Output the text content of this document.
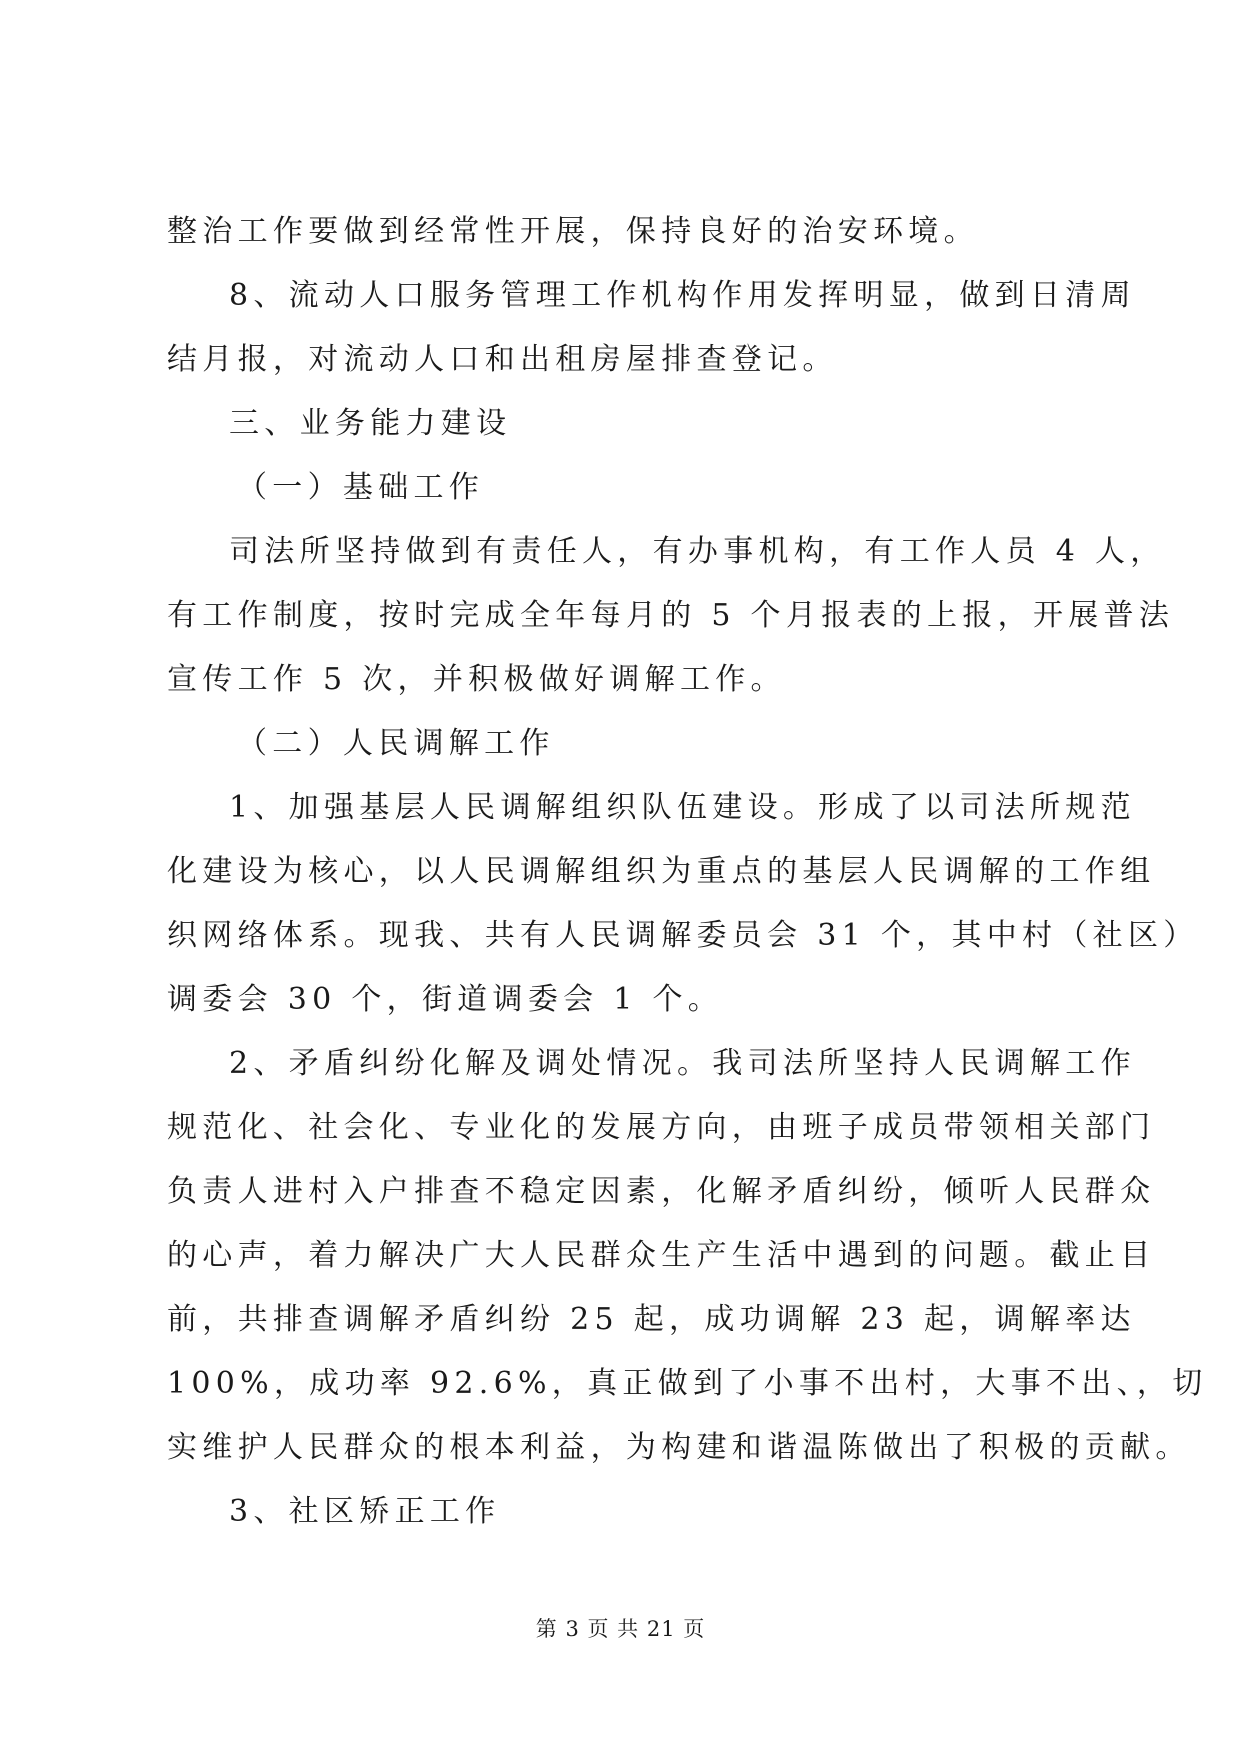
整治工作要做到经常性开展，保持良好的治安环境。
8、流动人口服务管理工作机构作用发挥明显，做到日清周
结月报，对流动人口和出租房屋排查登记。
三、业务能力建设
（一）基础工作
司法所坚持做到有责任人，有办事机构，有工作人员 4 人，
有工作制度，按时完成全年每月的 5 个月报表的上报，开展普法
宣传工作 5 次，并积极做好调解工作。
（二）人民调解工作
1、加强基层人民调解组织队伍建设。形成了以司法所规范
化建设为核心，以人民调解组织为重点的基层人民调解的工作组
织网络体系。现我、共有人民调解委员会 31 个，其中村（社区）
调委会 30 个，街道调委会 1 个。
2、矛盾纠纷化解及调处情况。我司法所坚持人民调解工作
规范化、社会化、专业化的发展方向，由班子成员带领相关部门
负责人进村入户排查不稳定因素，化解矛盾纠纷，倾听人民群众
的心声，着力解决广大人民群众生产生活中遇到的问题。截止目
前，共排查调解矛盾纠纷 25 起，成功调解 23 起，调解率达
100%，成功率 92.6%，真正做到了小事不出村，大事不出、，切
实维护人民群众的根本利益，为构建和谐温陈做出了积极的贡献。
3、社区矫正工作
第 3 页 共 21 页
